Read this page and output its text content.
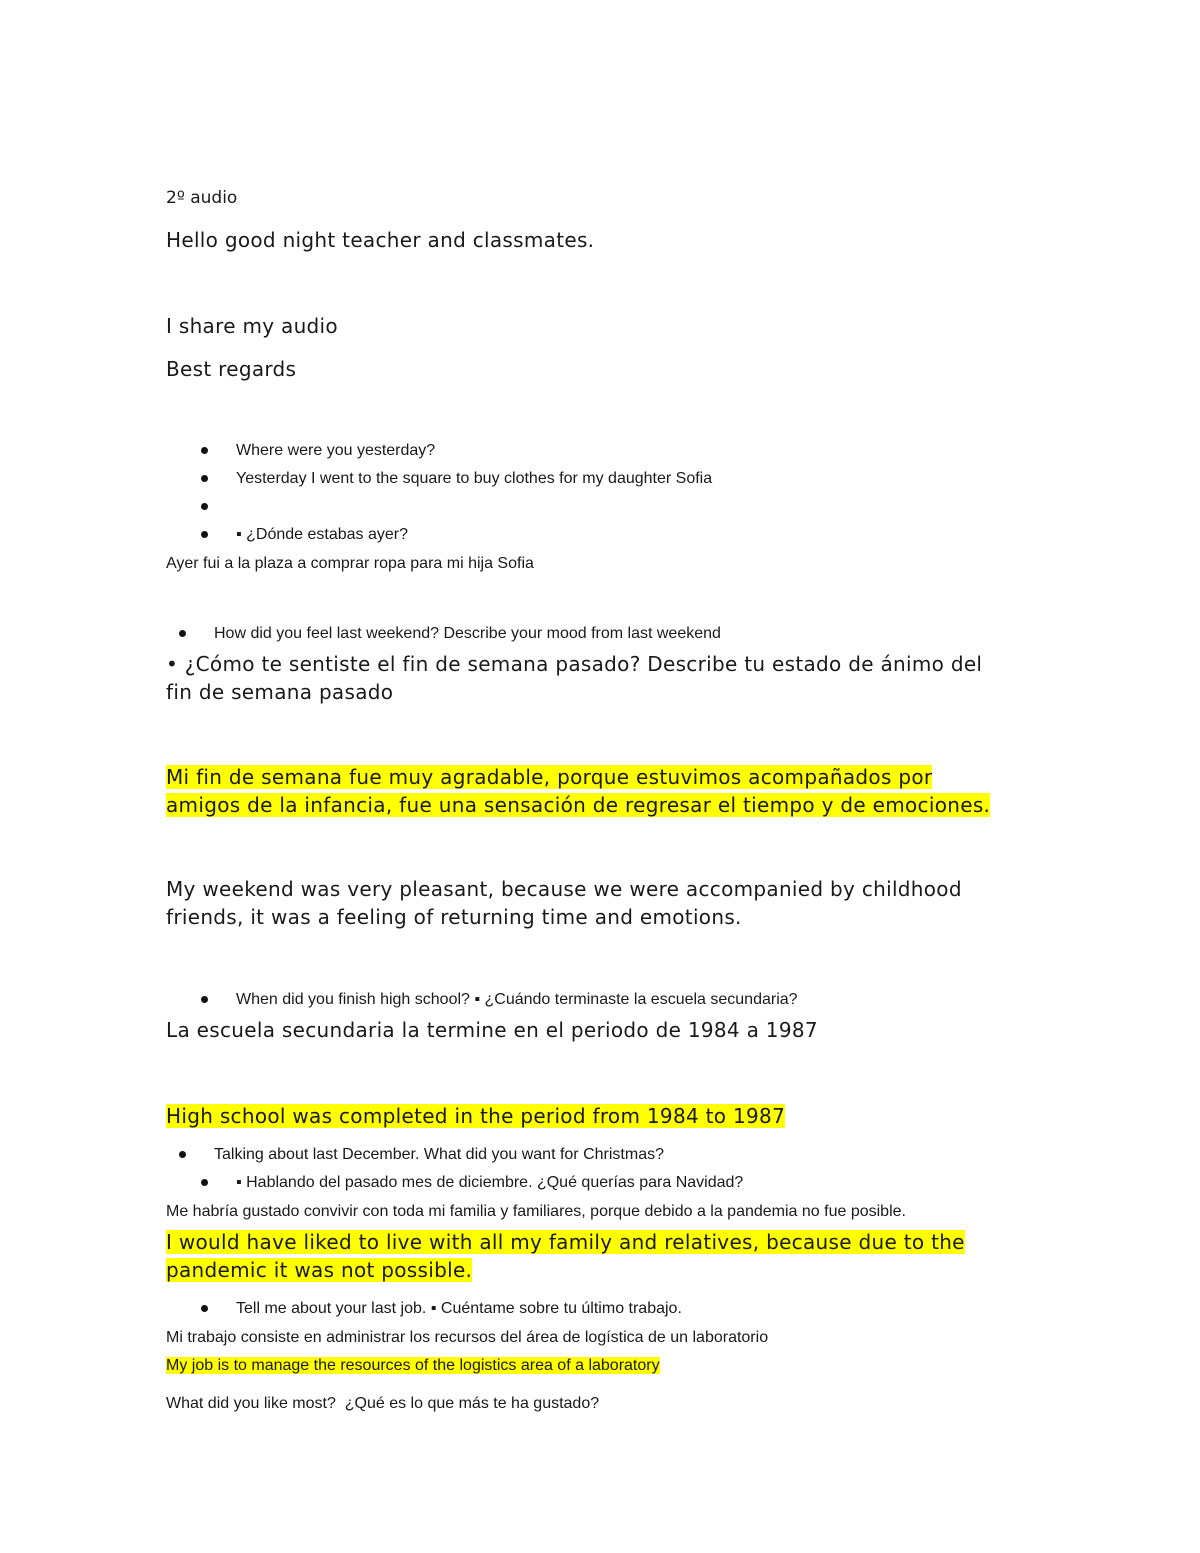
2º audio
Hello good night teacher and classmates.
I share my audio
Best regards
Where were you yesterday?
Yesterday I went to the square to buy clothes for my daughter Sofia
▪ ¿Dónde estabas ayer?
Ayer fui a la plaza a comprar ropa para mi hija Sofia
How did you feel last weekend? Describe your mood from last weekend
• ¿Cómo te sentiste el fin de semana pasado? Describe tu estado de ánimo del
fin de semana pasado
Mi fin de semana fue muy agradable, porque estuvimos acompañados por
amigos de la infancia, fue una sensación de regresar el tiempo y de emociones.
My weekend was very pleasant, because we were accompanied by childhood
friends, it was a feeling of returning time and emotions.
When did you finish high school? ▪ ¿Cuándo terminaste la escuela secundaria?
La escuela secundaria la termine en el periodo de 1984 a 1987
High school was completed in the period from 1984 to 1987
Talking about last December. What did you want for Christmas?
▪ Hablando del pasado mes de diciembre. ¿Qué querías para Navidad?
Me habría gustado convivir con toda mi familia y familiares, porque debido a la pandemia no fue posible.
I would have liked to live with all my family and relatives, because due to the
pandemic it was not possible.
Tell me about your last job. ▪ Cuéntame sobre tu último trabajo.
Mi trabajo consiste en administrar los recursos del área de logística de un laboratorio
My job is to manage the resources of the logistics area of a laboratory
What did you like most?  ¿Qué es lo que más te ha gustado?
